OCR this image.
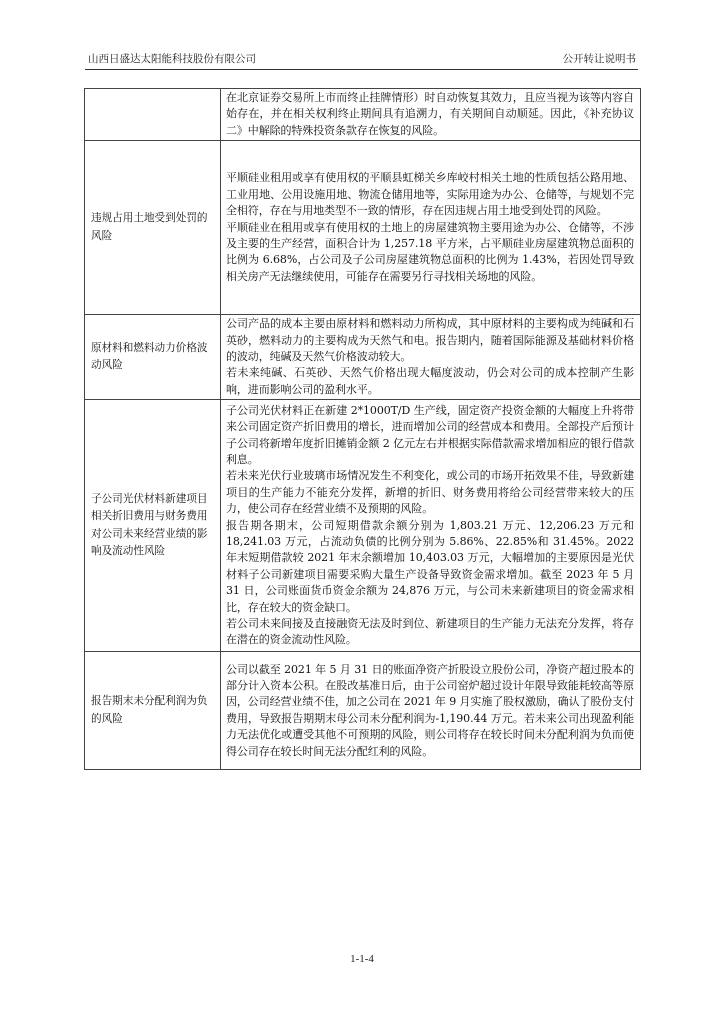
山西日盛达太阳能科技股份有限公司	公开转让说明书

	在北京证券交易所上市而终止挂牌情形）时自动恢复其效力，且应当视为该等内容自始存在，并在相关权利终止期间具有追溯力，有关期间自动顺延。因此，《补充协议二》中解除的特殊投资条款存在恢复的风险。

违规占用土地受到处罚的风险	平顺硅业租用或享有使用权的平顺县虹梯关乡库峧村相关土地的性质包括公路用地、工业用地、公用设施用地、物流仓储用地等，实际用途为办公、仓储等，与规划不完全相符，存在与用地类型不一致的情形，存在因违规占用土地受到处罚的风险。

平顺硅业在租用或享有使用权的土地上的房屋建筑物主要用途为办公、仓储等，不涉及主要的生产经营，面积合计为 1,257.18 平方米，占平顺硅业房屋建筑物总面积的比例为 6.68%，占公司及子公司房屋建筑物总面积的比例为 1.43%，若因处罚导致相关房产无法继续使用，可能存在需要另行寻找相关场地的风险。

原材料和燃料动力价格波动风险	公司产品的成本主要由原材料和燃料动力所构成，其中原材料的主要构成为纯碱和石英砂，燃料动力的主要构成为天然气和电。报告期内，随着国际能源及基础材料价格的波动，纯碱及天然气价格波动较大。

若未来纯碱、石英砂、天然气价格出现大幅度波动，仍会对公司的成本控制产生影响，进而影响公司的盈利水平。

子公司光伏材料新建项目相关折旧费用与财务费用对公司未来经营业绩的影响及流动性风险	子公司光伏材料正在新建 2*1000T/D 生产线，固定资产投资金额的大幅度上升将带来公司固定资产折旧费用的增长，进而增加公司的经营成本和费用。全部投产后预计子公司将新增年度折旧摊销金额 2 亿元左右并根据实际借款需求增加相应的银行借款利息。

若未来光伏行业玻璃市场情况发生不利变化，或公司的市场开拓效果不佳，导致新建项目的生产能力不能充分发挥，新增的折旧、财务费用将给公司经营带来较大的压力，使公司存在经营业绩不及预期的风险。

报告期各期末，公司短期借款余额分别为 1,803.21 万元、12,206.23 万元和 18,241.03 万元，占流动负债的比例分别为 5.86%、22.85%和 31.45%。2022 年末短期借款较 2021 年末余额增加 10,403.03 万元，大幅增加的主要原因是光伏材料子公司新建项目需要采购大量生产设备导致资金需求增加。截至 2023 年 5 月 31 日，公司账面货币资金余额为 24,876 万元，与公司未来新建项目的资金需求相比，存在较大的资金缺口。

若公司未来间接及直接融资无法及时到位、新建项目的生产能力无法充分发挥，将存在潜在的资金流动性风险。

报告期末未分配利润为负的风险	公司以截至 2021 年 5 月 31 日的账面净资产折股设立股份公司，净资产超过股本的部分计入资本公积。在股改基准日后，由于公司窑炉超过设计年限导致能耗较高等原因，公司经营业绩不佳，加之公司在 2021 年 9 月实施了股权激励，确认了股份支付费用，导致报告期期末母公司未分配利润为-1,190.44 万元。若未来公司出现盈利能力无法优化或遭受其他不可预期的风险，则公司将存在较长时间未分配利润为负而使得公司存在较长时间无法分配红利的风险。

1-1-4
